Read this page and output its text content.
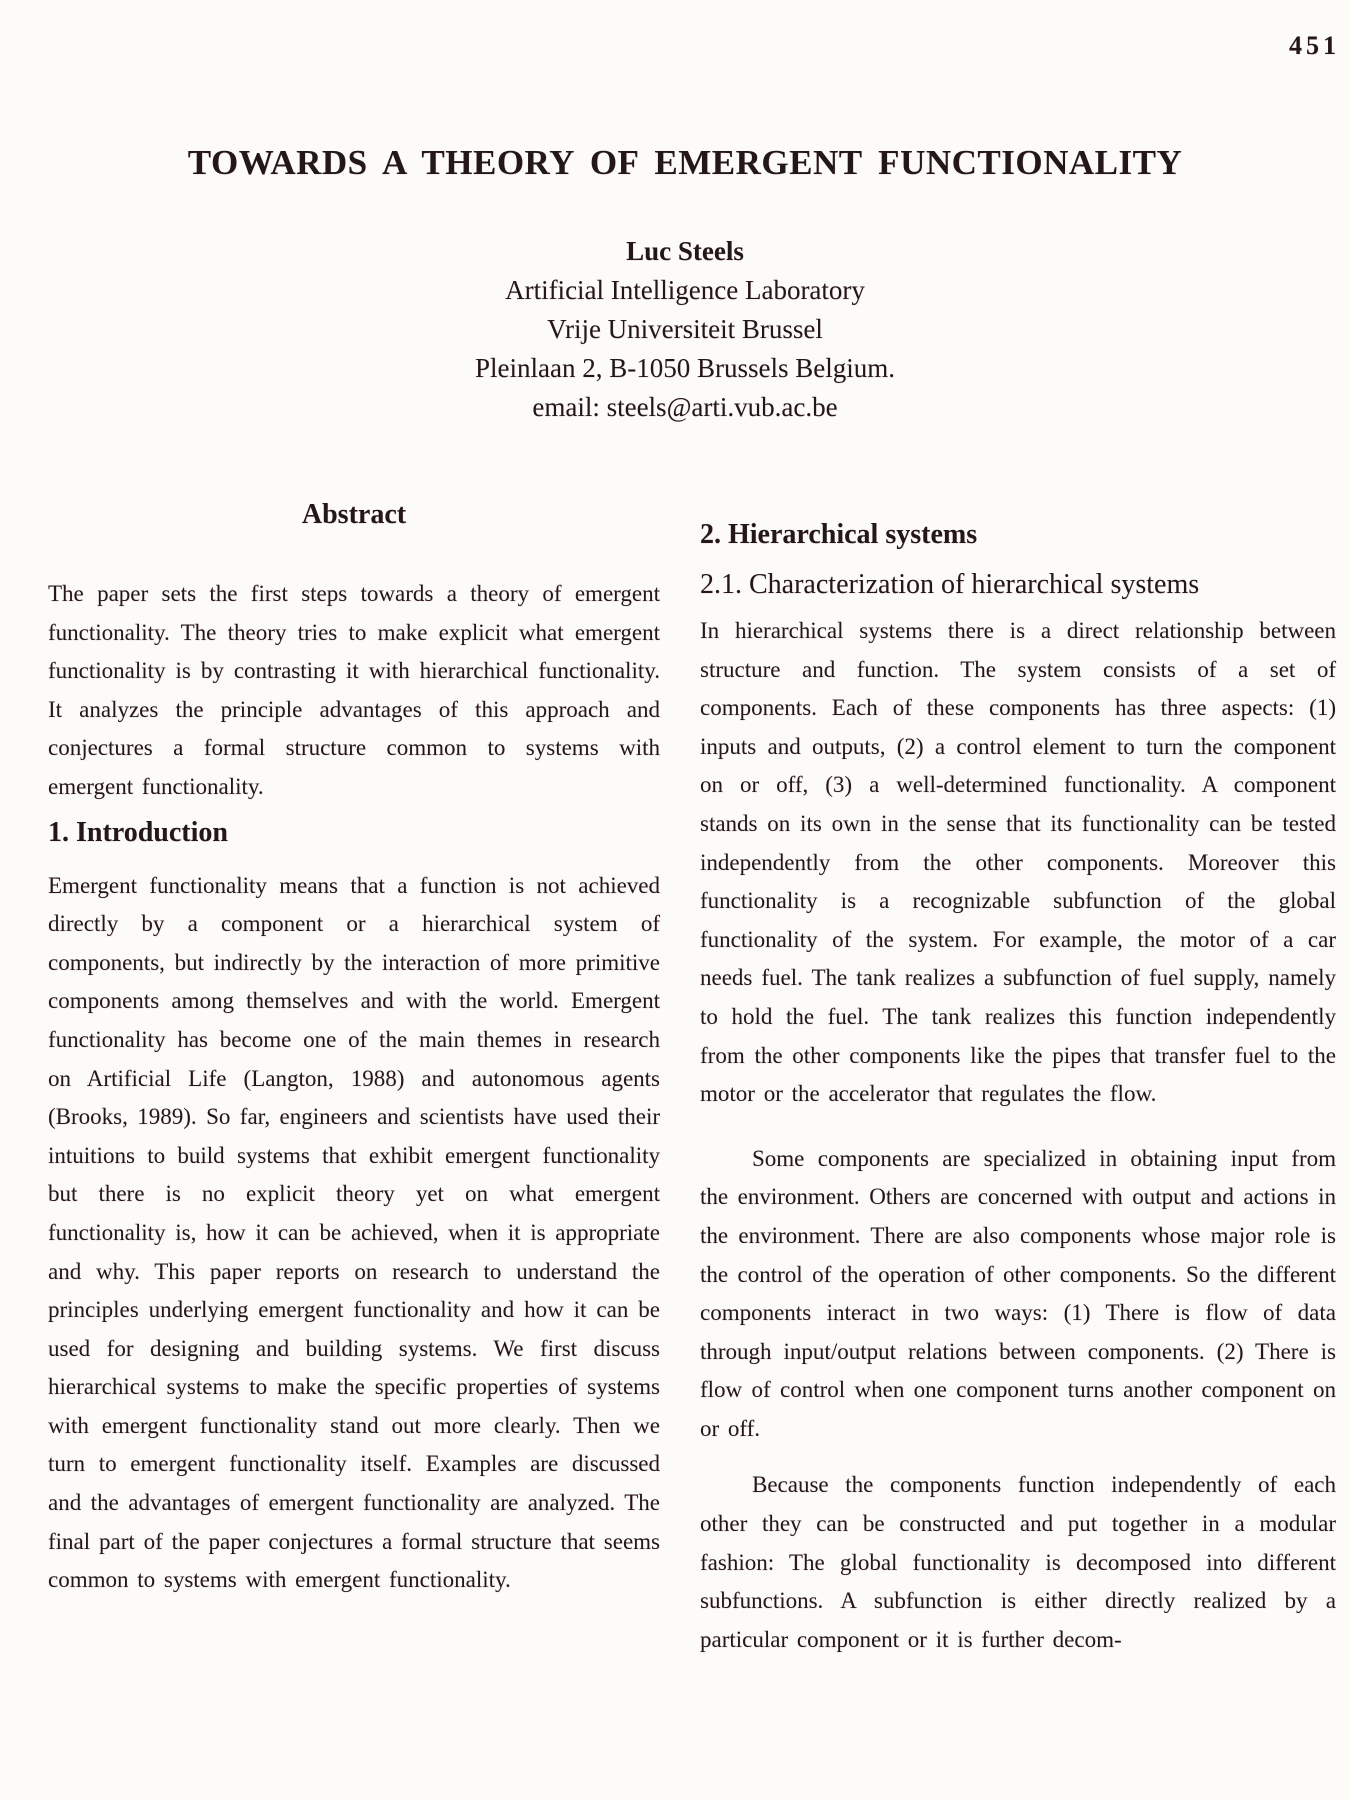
451
TOWARDS A THEORY OF EMERGENT FUNCTIONALITY
Luc Steels
Artificial Intelligence Laboratory
Vrije Universiteit Brussel
Pleinlaan 2, B-1050 Brussels Belgium.
email: steels@arti.vub.ac.be
Abstract

The paper sets the first steps towards a theory of emergent functionality. The theory tries to make explicit what emergent functionality is by contrasting it with hierarchical functionality. It analyzes the principle advantages of this approach and conjectures a formal structure common to systems with emergent functionality.

1. Introduction

Emergent functionality means that a function is not achieved directly by a component or a hierarchical system of components, but indirectly by the interaction of more primitive components among themselves and with the world. Emergent functionality has become one of the main themes in research on Artificial Life (Langton, 1988) and autonomous agents (Brooks, 1989). So far, engineers and scientists have used their intuitions to build systems that exhibit emergent functionality but there is no explicit theory yet on what emergent functionality is, how it can be achieved, when it is appropriate and why. This paper reports on research to understand the principles underlying emergent functionality and how it can be used for designing and building systems. We first discuss hierarchical systems to make the specific properties of systems with emergent functionality stand out more clearly. Then we turn to emergent functionality itself. Examples are discussed and the advantages of emergent functionality are analyzed. The final part of the paper conjectures a formal structure that seems common to systems with emergent functionality.

2. Hierarchical systems
2.1. Characterization of hierarchical systems

In hierarchical systems there is a direct relationship between structure and function. The system consists of a set of components. Each of these components has three aspects: (1) inputs and outputs, (2) a control element to turn the component on or off, (3) a well-determined functionality. A component stands on its own in the sense that its functionality can be tested independently from the other components. Moreover this functionality is a recognizable subfunction of the global functionality of the system. For example, the motor of a car needs fuel. The tank realizes a subfunction of fuel supply, namely to hold the fuel. The tank realizes this function independently from the other components like the pipes that transfer fuel to the motor or the accelerator that regulates the flow.

Some components are specialized in obtaining input from the environment. Others are concerned with output and actions in the environment. There are also components whose major role is the control of the operation of other components. So the different components interact in two ways: (1) There is flow of data through input/output relations between components. (2) There is flow of control when one component turns another component on or off.

Because the components function independently of each other they can be constructed and put together in a modular fashion: The global functionality is decomposed into different subfunctions. A subfunction is either directly realized by a particular component or it is further decom-
